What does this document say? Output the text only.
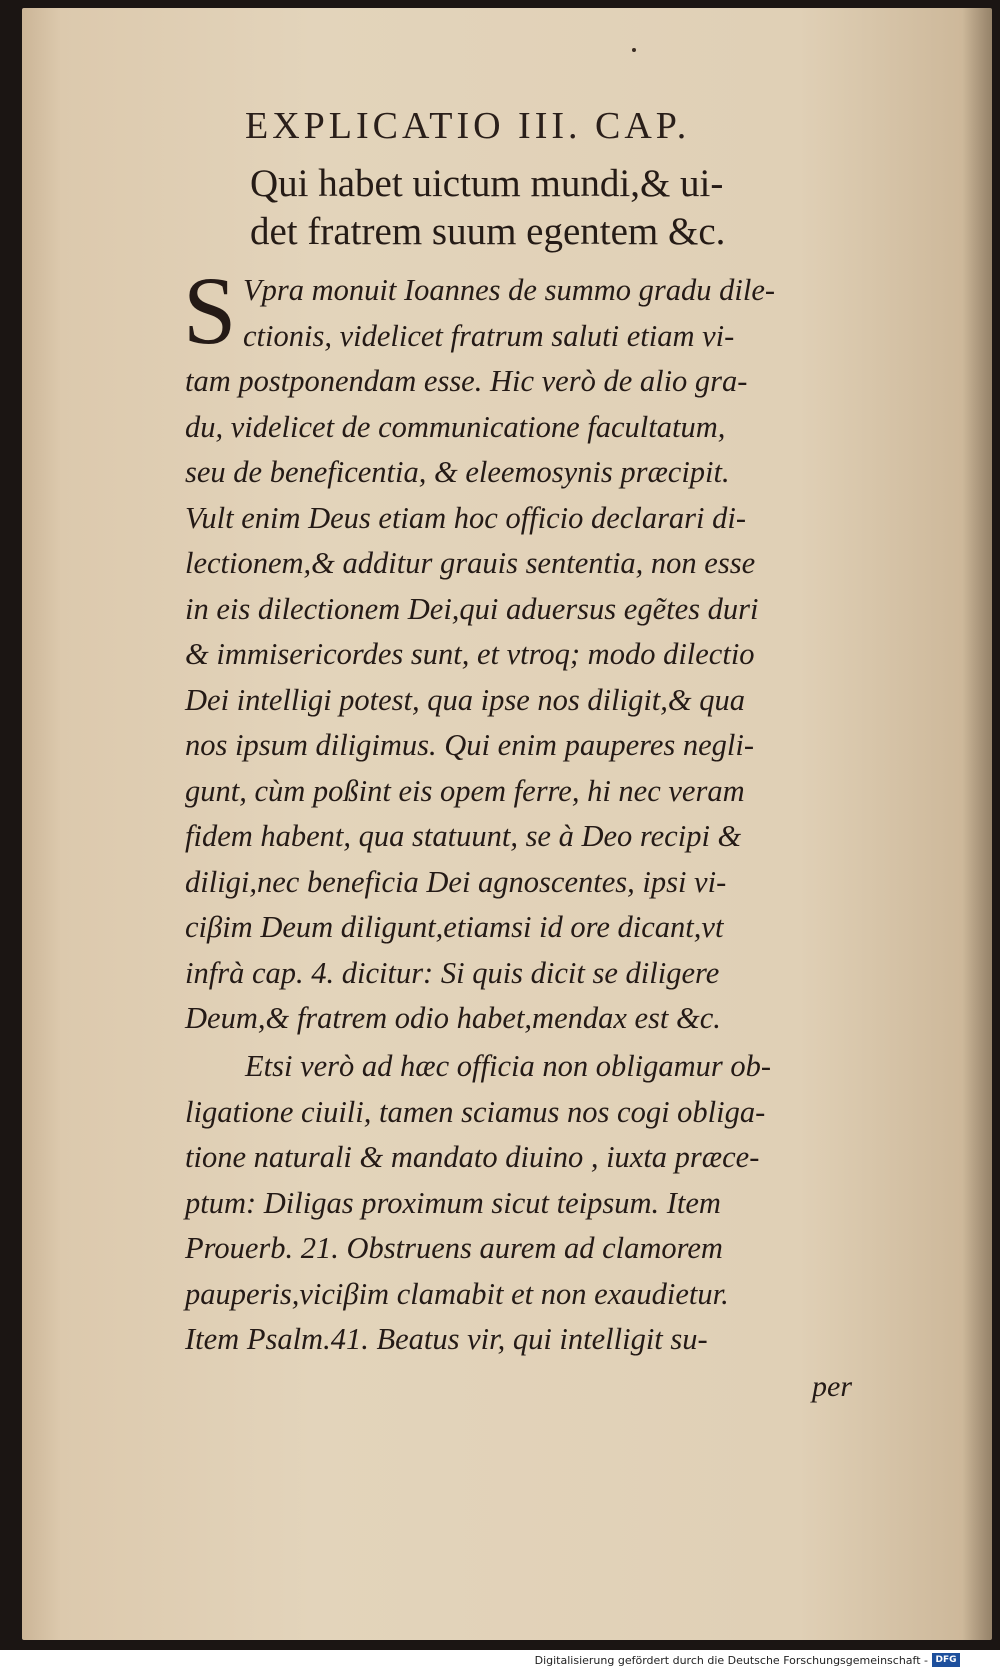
EXPLICATIO III. CAP.
Qui habet uictum mundi,& ui-
det fratrem suum egentem &c.
S Vpra monuit Ioannes de summo gradu dile-
ctionis, videlicet fratrum saluti etiam vi-
tam postponendam esse. Hic verò de alio gra-
du, videlicet de communicatione facultatum,
seu de beneficentia, & eleemosynis præcipit.
Vult enim Deus etiam hoc officio declarari di-
lectionem,& additur grauis sententia, non esse
in eis dilectionem Dei,qui aduersus egẽtes duri
& immisericordes sunt, et vtroq; modo dilectio
Dei intelligi potest, qua ipse nos diligit,& qua
nos ipsum diligimus. Qui enim pauperes negli-
gunt, cùm poßint eis opem ferre, hi nec veram
fidem habent, qua statuunt, se à Deo recipi &
diligi,nec beneficia Dei agnoscentes, ipsi vi-
ciβim Deum diligunt,etiamsi id ore dicant,vt
infrà cap. 4. dicitur: Si quis dicit se diligere
Deum,& fratrem odio habet,mendax est &c.
Etsi verò ad hæc officia non obligamur ob-
ligatione ciuili, tamen sciamus nos cogi obliga-
tione naturali & mandato diuino , iuxta præce-
ptum: Diligas proximum sicut teipsum. Item
Prouerb. 21. Obstruens aurem ad clamorem
pauperis,viciβim clamabit et non exaudietur.
Item Psalm.41. Beatus vir, qui intelligit su-
per
Digitalisierung gefördert durch die Deutsche Forschungsgemeinschaft - DFG
